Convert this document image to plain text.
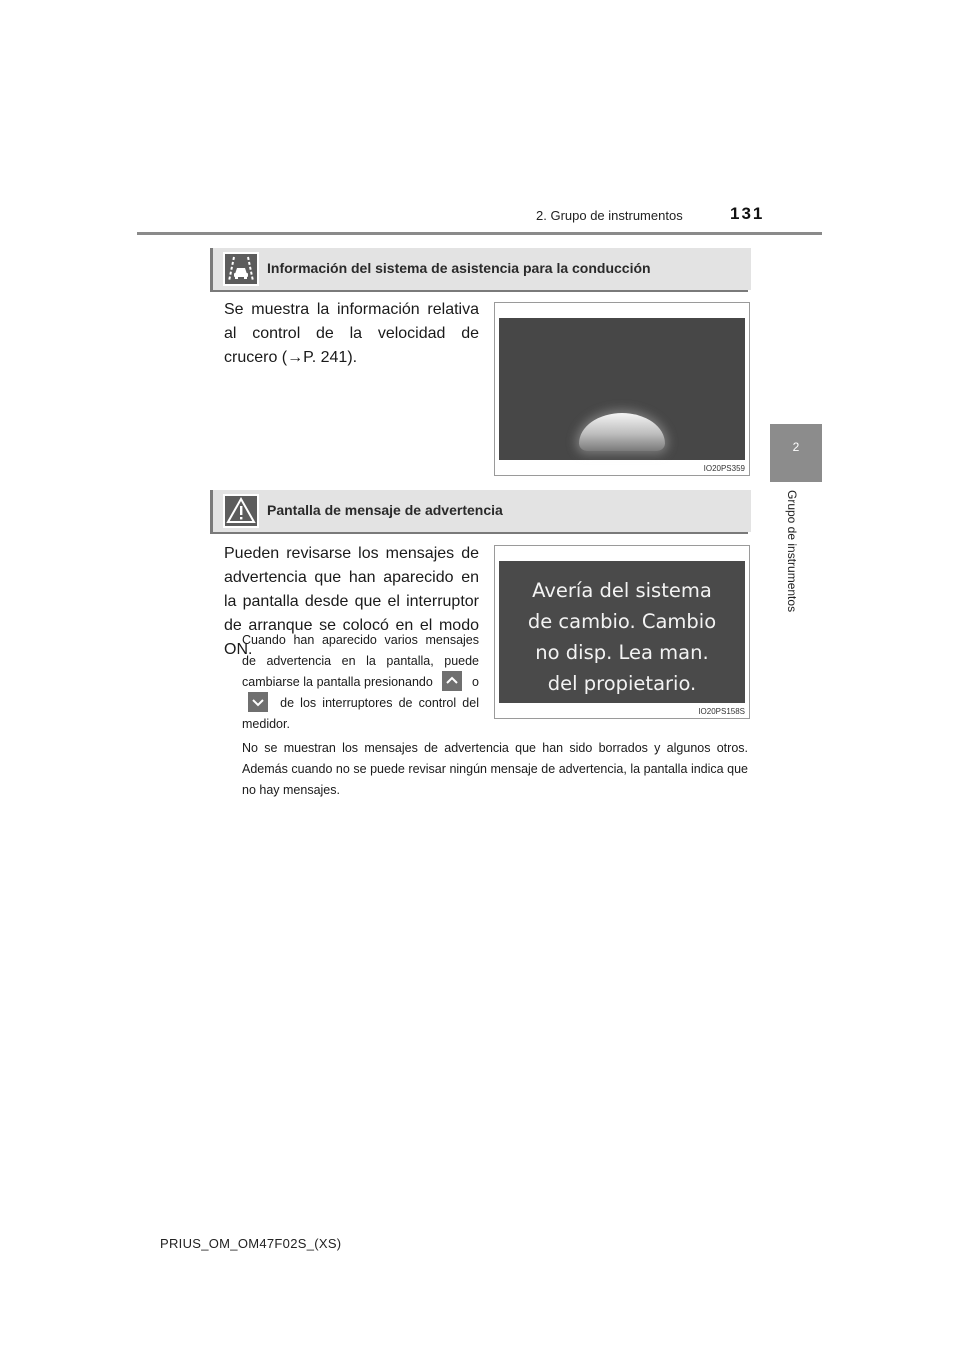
2. Grupo de instrumentos	131
2
Grupo de instrumentos
Información del sistema de asistencia para la conducción
Se muestra la información relativa al control de la velocidad de crucero (→P. 241).
IO20PS359
Pantalla de mensaje de advertencia
Pueden revisarse los mensajes de advertencia que han aparecido en la pantalla desde que el interruptor de arranque se colocó en el modo ON.
Cuando han aparecido varios mensajes de advertencia en la pantalla, puede cambiarse la pantalla presionando	o
de los interruptores de control del medidor.
Avería del sistema
de cambio. Cambio
no disp. Lea man.
del propietario.
IO20PS158S
No se muestran los mensajes de advertencia que han sido borrados y algunos otros. Además cuando no se puede revisar ningún mensaje de advertencia, la pantalla indica que no hay mensajes.
PRIUS_OM_OM47F02S_(XS)
